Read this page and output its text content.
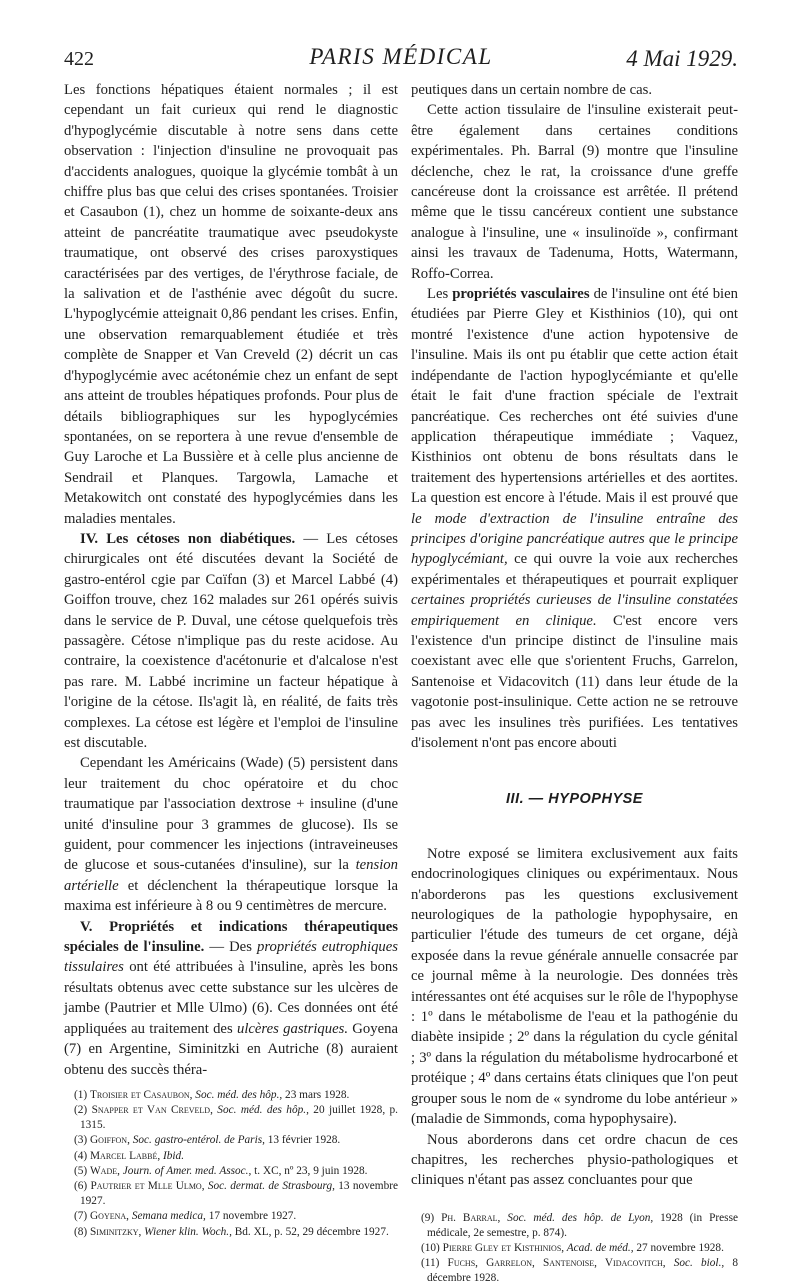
422	PARIS MÉDICAL	4 Mai 1929.

Les fonctions hépatiques étaient normales ; il est cependant un fait curieux qui rend le diagnostic d'hypoglycémie discutable à notre sens dans cette observation : l'injection d'insuline ne provoquait pas d'accidents analogues, quoique la glycémie tombât à un chiffre plus bas que celui des crises spontanées. Troisier et Casaubon (1), chez un homme de soixante-deux ans atteint de pancréatite traumatique avec pseudokyste traumatique, ont observé des crises paroxystiques caractérisées par des vertiges, de l'érythrose faciale, de la salivation et de l'asthénie avec dégoût du sucre. L'hypoglycémie atteignait 0,86 pendant les crises. Enfin, une observation remarquablement étudiée et très complète de Snapper et Van Creveld (2) décrit un cas d'hypoglycémie avec acétonémie chez un enfant de sept ans atteint de troubles hépatiques profonds. Pour plus de détails bibliographiques sur les hypoglycémies spontanées, on se reportera à une revue d'ensemble de Guy Laroche et La Bussière et à celle plus ancienne de Sendrail et Planques. Targowla, Lamache et Metakowitch ont constaté des hypoglycémies dans les maladies mentales.

IV. Les cétoses non diabétiques. — Les cétoses chirurgicales ont été discutées devant la Société de gastro-entérol cgie par Cɑïfɑn (3) et Marcel Labbé (4) Goiffon trouve, chez 162 malades sur 261 opérés suivis dans le service de P. Duval, une cétose quelquefois très passagère. Cétose n'implique pas du reste acidose. Au contraire, la coexistence d'acétonurie et d'alcalose n'est pas rare. M. Labbé incrimine un facteur hépatique à l'origine de la cétose. Ils'agit là, en réalité, de faits très complexes. La cétose est légère et l'emploi de l'insuline est discutable.

Cependant les Américains (Wade) (5) persistent dans leur traitement du choc opératoire et du choc traumatique par l'association dextrose + insuline (d'une unité d'insuline pour 3 grammes de glucose). Ils se guident, pour commencer les injections (intraveineuses de glucose et sous-cutanées d'insuline), sur la tension artérielle et déclenchent la thérapeutique lorsque la maxima est inférieure à 8 ou 9 centimètres de mercure.

V. Propriétés et indications thérapeutiques spéciales de l'insuline. — Des propriétés eutrophiques tissulaires ont été attribuées à l'insuline, après les bons résultats obtenus avec cette substance sur les ulcères de jambe (Pautrier et Mlle Ulmo) (6). Ces données ont été appliquées au traitement des ulcères gastriques. Goyena (7) en Argentine, Siminitzki en Autriche (8) auraient obtenu des succès théra-

(1) Troisier et Casaubon, Soc. méd. des hôp., 23 mars 1928.

(2) Snapper et Van Creveld, Soc. méd. des hôp., 20 juillet 1928, p. 1315.

(3) Goiffon, Soc. gastro-entérol. de Paris, 13 février 1928.

(4) Marcel Labbé, Ibid.

(5) Wade, Journ. of Amer. med. Assoc., t. XC, nº 23, 9 juin 1928.

(6) Pautrier et Mlle Ulmo, Soc. dermat. de Strasbourg, 13 novembre 1927.

(7) Goyena, Semana medica, 17 novembre 1927.

(8) Siminitzky, Wiener klin. Woch., Bd. XL, p. 52, 29 décembre 1927.

peutiques dans un certain nombre de cas.

Cette action tissulaire de l'insuline existerait peut-être également dans certaines conditions expérimentales. Ph. Barral (9) montre que l'insuline déclenche, chez le rat, la croissance d'une greffe cancéreuse dont la croissance est arrêtée. Il prétend même que le tissu cancéreux contient une substance analogue à l'insuline, une « insulinoïde », confirmant ainsi les travaux de Tadenuma, Hotts, Watermann, Roffo-Correa.

Les propriétés vasculaires de l'insuline ont été bien étudiées par Pierre Gley et Kisthinios (10), qui ont montré l'existence d'une action hypotensive de l'insuline. Mais ils ont pu établir que cette action était indépendante de l'action hypoglycémiante et qu'elle était le fait d'une fraction spéciale de l'extrait pancréatique. Ces recherches ont été suivies d'une application thérapeutique immédiate ; Vaquez, Kisthinios ont obtenu de bons résultats dans le traitement des hypertensions artérielles et des aortites. La question est encore à l'étude. Mais il est prouvé que le mode d'extraction de l'insuline entraîne des principes d'origine pancréatique autres que le principe hypoglycémiant, ce qui ouvre la voie aux recherches expérimentales et thérapeutiques et pourrait expliquer certaines propriétés curieuses de l'insuline constatées empiriquement en clinique. C'est encore vers l'existence d'un principe distinct de l'insuline mais coexistant avec elle que s'orientent Fruchs, Garrelon, Santenoise et Vidacovitch (11) dans leur étude de la vagotonie post-insulinique. Cette action ne se retrouve pas avec les insulines très purifiées. Les tentatives d'isolement n'ont pas encore abouti

III. — HYPOPHYSE

Notre exposé se limitera exclusivement aux faits endocrinologiques cliniques ou expérimentaux. Nous n'aborderons pas les questions exclusivement neurologiques de la pathologie hypophysaire, en particulier l'étude des tumeurs de cet organe, déjà exposée dans la revue générale annuelle consacrée par ce journal même à la neurologie. Des données très intéressantes ont été acquises sur le rôle de l'hypophyse : 1º dans le métabolisme de l'eau et la pathogénie du diabète insipide ; 2º dans la régulation du cycle génital ; 3º dans la régulation du métabolisme hydrocarboné et protéique ; 4º dans certains états cliniques que l'on peut grouper sous le nom de « syndrome du lobe antérieur » (maladie de Simmonds, coma hypophysaire).

Nous aborderons dans cet ordre chacun de ces chapitres, les recherches physio-pathologiques et cliniques n'étant pas assez concluantes pour que

(9) Ph. Barral, Soc. méd. des hôp. de Lyon, 1928 (in Presse médicale, 2e semestre, p. 874).

(10) Pierre Gley et Kisthinios, Acad. de méd., 27 novembre 1928.

(11) Fuchs, Garrelon, Santenoise, Vidacovitch, Soc. biol., 8 décembre 1928.
